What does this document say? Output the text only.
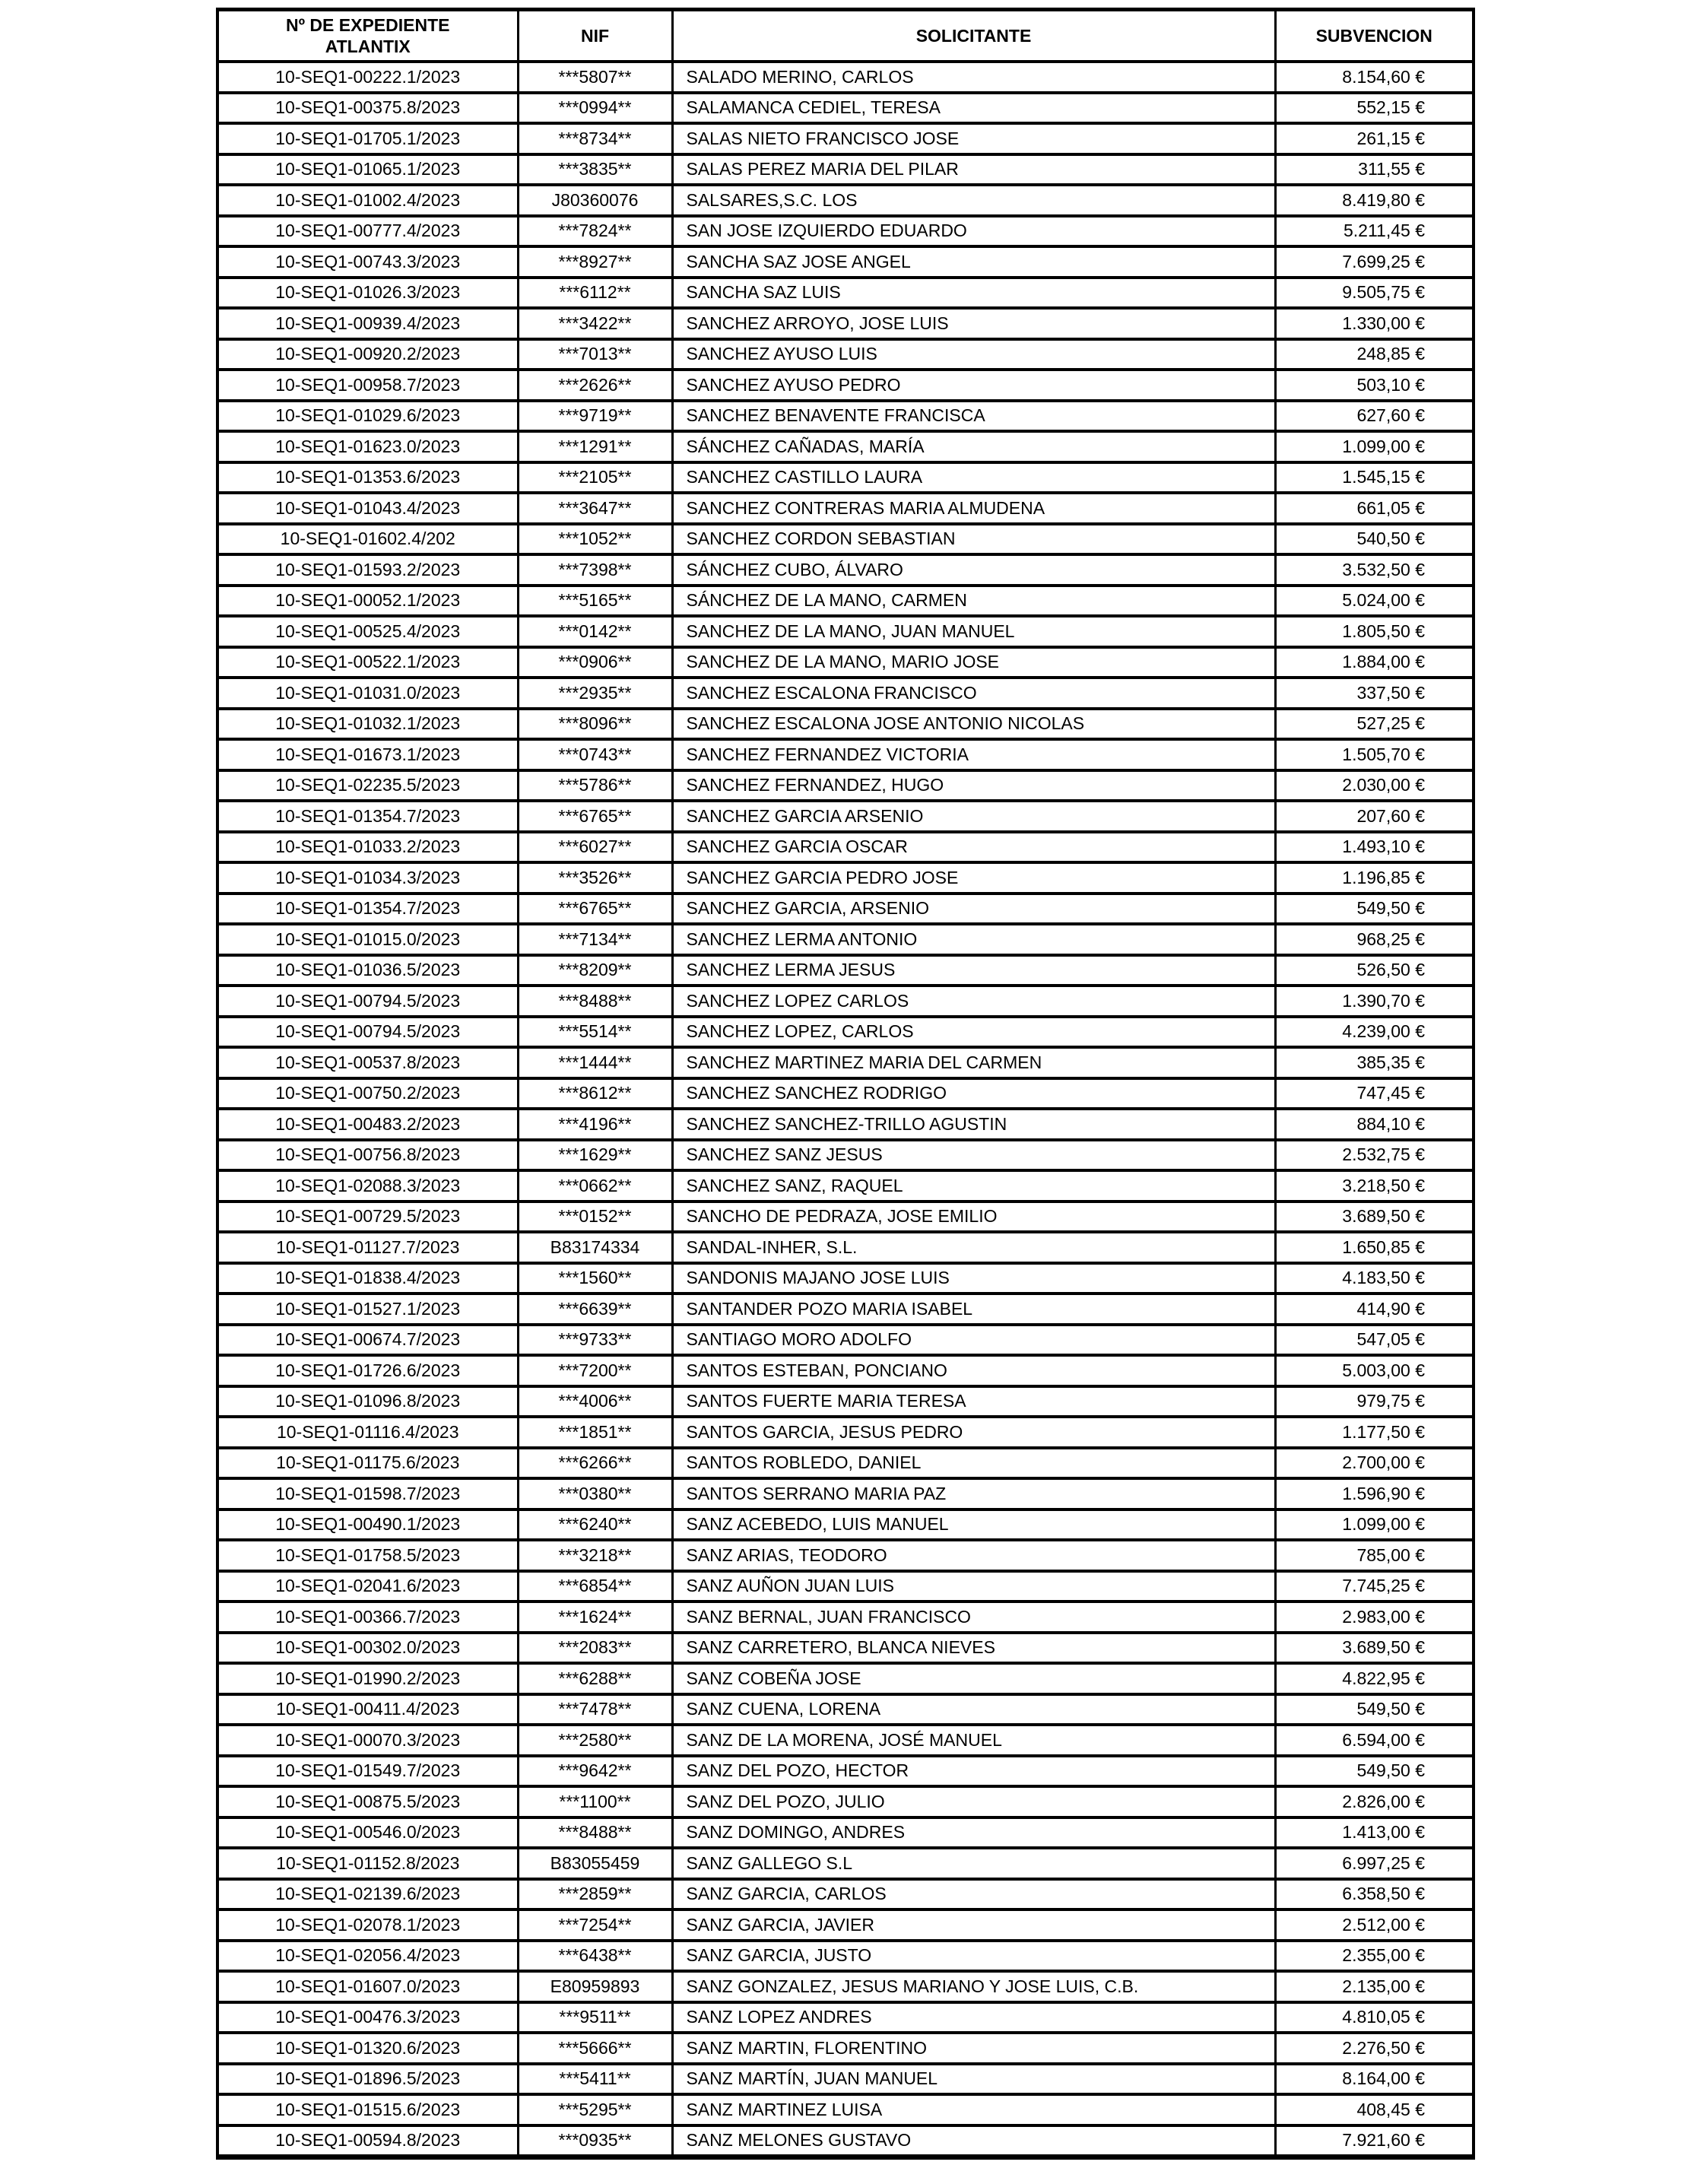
Nº DE EXPEDIENTE
ATLANTIX	NIF	SOLICITANTE	SUBVENCION
10-SEQ1-00222.1/2023	***5807**	SALADO MERINO, CARLOS	8.154,60 €
10-SEQ1-00375.8/2023	***0994**	SALAMANCA CEDIEL, TERESA	552,15 €
10-SEQ1-01705.1/2023	***8734**	SALAS NIETO FRANCISCO JOSE	261,15 €
10-SEQ1-01065.1/2023	***3835**	SALAS PEREZ MARIA DEL PILAR	311,55 €
10-SEQ1-01002.4/2023	J80360076	SALSARES,S.C. LOS	8.419,80 €
10-SEQ1-00777.4/2023	***7824**	SAN JOSE IZQUIERDO EDUARDO	5.211,45 €
10-SEQ1-00743.3/2023	***8927**	SANCHA SAZ JOSE ANGEL	7.699,25 €
10-SEQ1-01026.3/2023	***6112**	SANCHA SAZ LUIS	9.505,75 €
10-SEQ1-00939.4/2023	***3422**	SANCHEZ ARROYO, JOSE LUIS	1.330,00 €
10-SEQ1-00920.2/2023	***7013**	SANCHEZ AYUSO LUIS	248,85 €
10-SEQ1-00958.7/2023	***2626**	SANCHEZ AYUSO PEDRO	503,10 €
10-SEQ1-01029.6/2023	***9719**	SANCHEZ BENAVENTE FRANCISCA	627,60 €
10-SEQ1-01623.0/2023	***1291**	SÁNCHEZ CAÑADAS, MARÍA	1.099,00 €
10-SEQ1-01353.6/2023	***2105**	SANCHEZ CASTILLO LAURA	1.545,15 €
10-SEQ1-01043.4/2023	***3647**	SANCHEZ CONTRERAS MARIA ALMUDENA	661,05 €
10-SEQ1-01602.4/202	***1052**	SANCHEZ CORDON SEBASTIAN	540,50 €
10-SEQ1-01593.2/2023	***7398**	SÁNCHEZ CUBO, ÁLVARO	3.532,50 €
10-SEQ1-00052.1/2023	***5165**	SÁNCHEZ DE LA MANO, CARMEN	5.024,00 €
10-SEQ1-00525.4/2023	***0142**	SANCHEZ DE LA MANO, JUAN MANUEL	1.805,50 €
10-SEQ1-00522.1/2023	***0906**	SANCHEZ DE LA MANO, MARIO JOSE	1.884,00 €
10-SEQ1-01031.0/2023	***2935**	SANCHEZ ESCALONA FRANCISCO	337,50 €
10-SEQ1-01032.1/2023	***8096**	SANCHEZ ESCALONA JOSE ANTONIO NICOLAS	527,25 €
10-SEQ1-01673.1/2023	***0743**	SANCHEZ FERNANDEZ VICTORIA	1.505,70 €
10-SEQ1-02235.5/2023	***5786**	SANCHEZ FERNANDEZ, HUGO	2.030,00 €
10-SEQ1-01354.7/2023	***6765**	SANCHEZ GARCIA ARSENIO	207,60 €
10-SEQ1-01033.2/2023	***6027**	SANCHEZ GARCIA OSCAR	1.493,10 €
10-SEQ1-01034.3/2023	***3526**	SANCHEZ GARCIA PEDRO JOSE	1.196,85 €
10-SEQ1-01354.7/2023	***6765**	SANCHEZ GARCIA, ARSENIO	549,50 €
10-SEQ1-01015.0/2023	***7134**	SANCHEZ LERMA ANTONIO	968,25 €
10-SEQ1-01036.5/2023	***8209**	SANCHEZ LERMA JESUS	526,50 €
10-SEQ1-00794.5/2023	***8488**	SANCHEZ LOPEZ CARLOS	1.390,70 €
10-SEQ1-00794.5/2023	***5514**	SANCHEZ LOPEZ, CARLOS	4.239,00 €
10-SEQ1-00537.8/2023	***1444**	SANCHEZ MARTINEZ MARIA DEL CARMEN	385,35 €
10-SEQ1-00750.2/2023	***8612**	SANCHEZ SANCHEZ RODRIGO	747,45 €
10-SEQ1-00483.2/2023	***4196**	SANCHEZ SANCHEZ-TRILLO AGUSTIN	884,10 €
10-SEQ1-00756.8/2023	***1629**	SANCHEZ SANZ JESUS	2.532,75 €
10-SEQ1-02088.3/2023	***0662**	SANCHEZ SANZ, RAQUEL	3.218,50 €
10-SEQ1-00729.5/2023	***0152**	SANCHO DE PEDRAZA, JOSE EMILIO	3.689,50 €
10-SEQ1-01127.7/2023	B83174334	SANDAL-INHER, S.L.	1.650,85 €
10-SEQ1-01838.4/2023	***1560**	SANDONIS MAJANO JOSE LUIS	4.183,50 €
10-SEQ1-01527.1/2023	***6639**	SANTANDER POZO MARIA ISABEL	414,90 €
10-SEQ1-00674.7/2023	***9733**	SANTIAGO MORO ADOLFO	547,05 €
10-SEQ1-01726.6/2023	***7200**	SANTOS ESTEBAN, PONCIANO	5.003,00 €
10-SEQ1-01096.8/2023	***4006**	SANTOS FUERTE MARIA TERESA	979,75 €
10-SEQ1-01116.4/2023	***1851**	SANTOS GARCIA, JESUS PEDRO	1.177,50 €
10-SEQ1-01175.6/2023	***6266**	SANTOS ROBLEDO, DANIEL	2.700,00 €
10-SEQ1-01598.7/2023	***0380**	SANTOS SERRANO MARIA PAZ	1.596,90 €
10-SEQ1-00490.1/2023	***6240**	SANZ ACEBEDO, LUIS MANUEL	1.099,00 €
10-SEQ1-01758.5/2023	***3218**	SANZ ARIAS, TEODORO	785,00 €
10-SEQ1-02041.6/2023	***6854**	SANZ AUÑON JUAN LUIS	7.745,25 €
10-SEQ1-00366.7/2023	***1624**	SANZ BERNAL, JUAN FRANCISCO	2.983,00 €
10-SEQ1-00302.0/2023	***2083**	SANZ CARRETERO, BLANCA NIEVES	3.689,50 €
10-SEQ1-01990.2/2023	***6288**	SANZ COBEÑA JOSE	4.822,95 €
10-SEQ1-00411.4/2023	***7478**	SANZ CUENA, LORENA	549,50 €
10-SEQ1-00070.3/2023	***2580**	SANZ DE LA MORENA, JOSÉ MANUEL	6.594,00 €
10-SEQ1-01549.7/2023	***9642**	SANZ DEL POZO, HECTOR	549,50 €
10-SEQ1-00875.5/2023	***1100**	SANZ DEL POZO, JULIO	2.826,00 €
10-SEQ1-00546.0/2023	***8488**	SANZ DOMINGO, ANDRES	1.413,00 €
10-SEQ1-01152.8/2023	B83055459	SANZ GALLEGO S.L	6.997,25 €
10-SEQ1-02139.6/2023	***2859**	SANZ GARCIA, CARLOS	6.358,50 €
10-SEQ1-02078.1/2023	***7254**	SANZ GARCIA, JAVIER	2.512,00 €
10-SEQ1-02056.4/2023	***6438**	SANZ GARCIA, JUSTO	2.355,00 €
10-SEQ1-01607.0/2023	E80959893	SANZ GONZALEZ, JESUS MARIANO Y JOSE LUIS, C.B.	2.135,00 €
10-SEQ1-00476.3/2023	***9511**	SANZ LOPEZ ANDRES	4.810,05 €
10-SEQ1-01320.6/2023	***5666**	SANZ MARTIN, FLORENTINO	2.276,50 €
10-SEQ1-01896.5/2023	***5411**	SANZ MARTÍN, JUAN MANUEL	8.164,00 €
10-SEQ1-01515.6/2023	***5295**	SANZ MARTINEZ LUISA	408,45 €
10-SEQ1-00594.8/2023	***0935**	SANZ MELONES GUSTAVO	7.921,60 €
